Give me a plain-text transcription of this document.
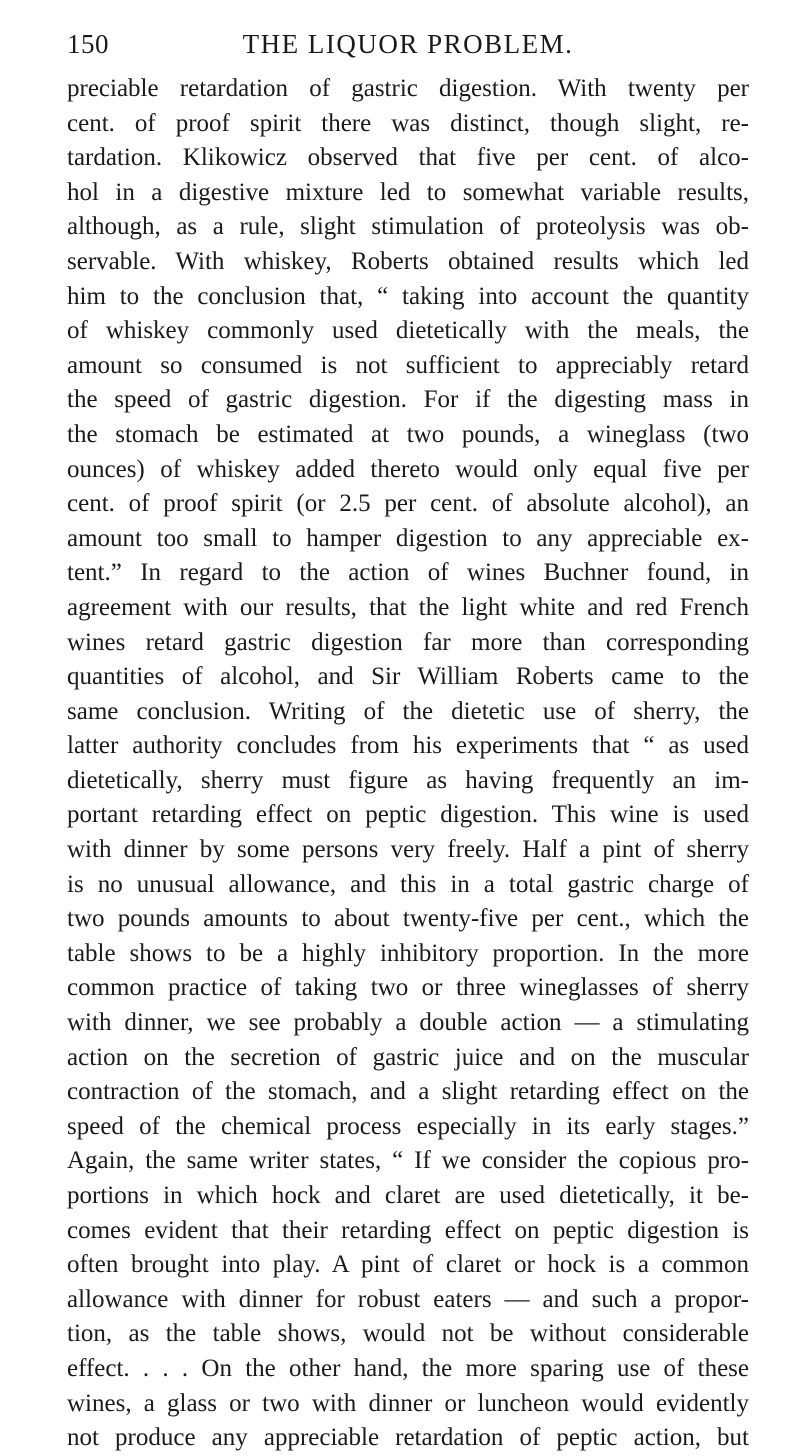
150	THE LIQUOR PROBLEM.
preciable retardation of gastric digestion. With twenty per
cent. of proof spirit there was distinct, though slight, re-
tardation. Klikowicz observed that five per cent. of alco-
hol in a digestive mixture led to somewhat variable results,
although, as a rule, slight stimulation of proteolysis was ob-
servable. With whiskey, Roberts obtained results which led
him to the conclusion that, “ taking into account the quantity
of whiskey commonly used dietetically with the meals, the
amount so consumed is not sufficient to appreciably retard
the speed of gastric digestion. For if the digesting mass in
the stomach be estimated at two pounds, a wineglass (two
ounces) of whiskey added thereto would only equal five per
cent. of proof spirit (or 2.5 per cent. of absolute alcohol), an
amount too small to hamper digestion to any appreciable ex-
tent.” In regard to the action of wines Buchner found, in
agreement with our results, that the light white and red French
wines retard gastric digestion far more than corresponding
quantities of alcohol, and Sir William Roberts came to the
same conclusion. Writing of the dietetic use of sherry, the
latter authority concludes from his experiments that “ as used
dietetically, sherry must figure as having frequently an im-
portant retarding effect on peptic digestion. This wine is used
with dinner by some persons very freely. Half a pint of sherry
is no unusual allowance, and this in a total gastric charge of
two pounds amounts to about twenty-five per cent., which the
table shows to be a highly inhibitory proportion. In the more
common practice of taking two or three wineglasses of sherry
with dinner, we see probably a double action — a stimulating
action on the secretion of gastric juice and on the muscular
contraction of the stomach, and a slight retarding effect on the
speed of the chemical process especially in its early stages.”
Again, the same writer states, “ If we consider the copious pro-
portions in which hock and claret are used dietetically, it be-
comes evident that their retarding effect on peptic digestion is
often brought into play. A pint of claret or hock is a common
allowance with dinner for robust eaters — and such a propor-
tion, as the table shows, would not be without considerable
effect. . . . On the other hand, the more sparing use of these
wines, a glass or two with dinner or luncheon would evidently
not produce any appreciable retardation of peptic action, but
